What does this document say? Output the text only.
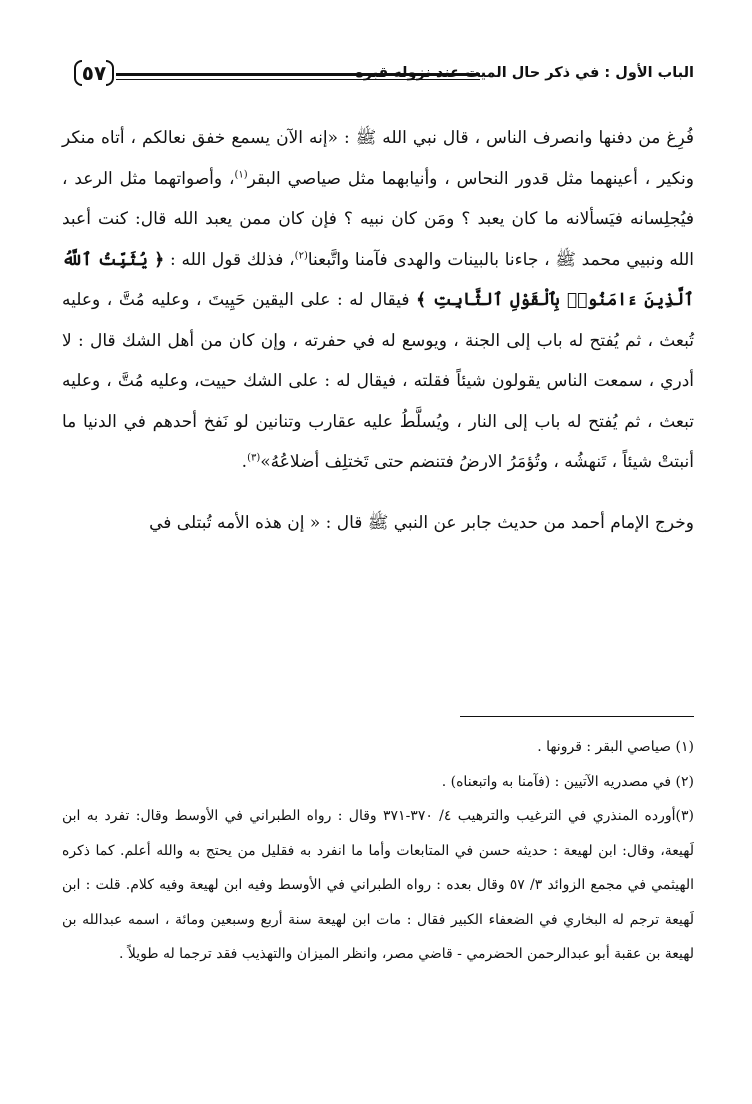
٥٧	الباب الأول : في ذكر حال الميت عند نزوله قبره

فُرِغ من دفنها وانصرف الناس ، قال نبي الله ﷺ : «إنه الآن يسمع خفق نعالكم ، أتاه منكر ونكير ، أعينهما مثل قدور النحاس ، وأنيابهما مثل صياصي البقر$^{(١)}$، وأصواتهما مثل الرعد ، فيُجلِسانه فيَسألانه ما كان يعبد ؟ ومَن كان نبيه ؟ فإن كان ممن يعبد الله قال: كنت أعبد الله ونبيي محمد ﷺ ، جاءنا بالبينات والهدى فآمنا واتَّبعنا$^{(٢)}$، فذلك قول الله : ﴿ يُثَبِّتُ ٱللَّهُ ٱلَّذِينَ ءَامَنُوا۟ بِٱلْقَوْلِ ٱلثَّابِتِ ﴾ فيقال له : على اليقين حَيِيتَ ، وعليه مُتَّ ، وعليه تُبعث ، ثم يُفتح له باب إلى الجنة ، ويوسع له في حفرته ، وإن كان من أهل الشك قال : لا أدري ، سمعت الناس يقولون شيئاً فقلته ، فيقال له : على الشك حييت، وعليه مُتَّ ، وعليه تبعث ، ثم يُفتح له باب إلى النار ، ويُسلَّطُ عليه عقارب وتنانين لو نَفخ أحدهم في الدنيا ما أنبتتْ شيئاً ، تَنهشُه ، وتُؤمَرُ الارضُ فتنضم حتى تَختلِف أضلاعُهُ»$^{(٣)}$.

وخرج الإمام أحمد من حديث جابر عن النبي ﷺ قال : « إن هذه الأمه تُبتلى في

(١) صياصي البقر : قرونها .

(٢) في مصدريه الآتيين : (فآمنا به واتبعناه) .

(٣)أورده المنذري في الترغيب والترهيب ٤/ ٣٧٠-٣٧١ وقال : رواه الطبراني في الأوسط وقال: تفرد به ابن لَهيعة، وقال: ابن لهيعة : حديثه حسن في المتابعات وأما ما انفرد به فقليل من يحتج به والله أعلم. كما ذكره الهيثمي في مجمع الزوائد ٣/ ٥٧ وقال بعده : رواه الطبراني في الأوسط وفيه ابن لهيعة وفيه كلام. قلت : ابن لَهيعة ترجم له البخاري في الضعفاء الكبير فقال : مات ابن لهيعة سنة أربع وسبعين ومائة ، اسمه عبدالله بن لهيعة بن عقبة أبو عبدالرحمن الحضرمي - قاضي مصر، وانظر الميزان والتهذيب فقد ترجما له طويلاً .
